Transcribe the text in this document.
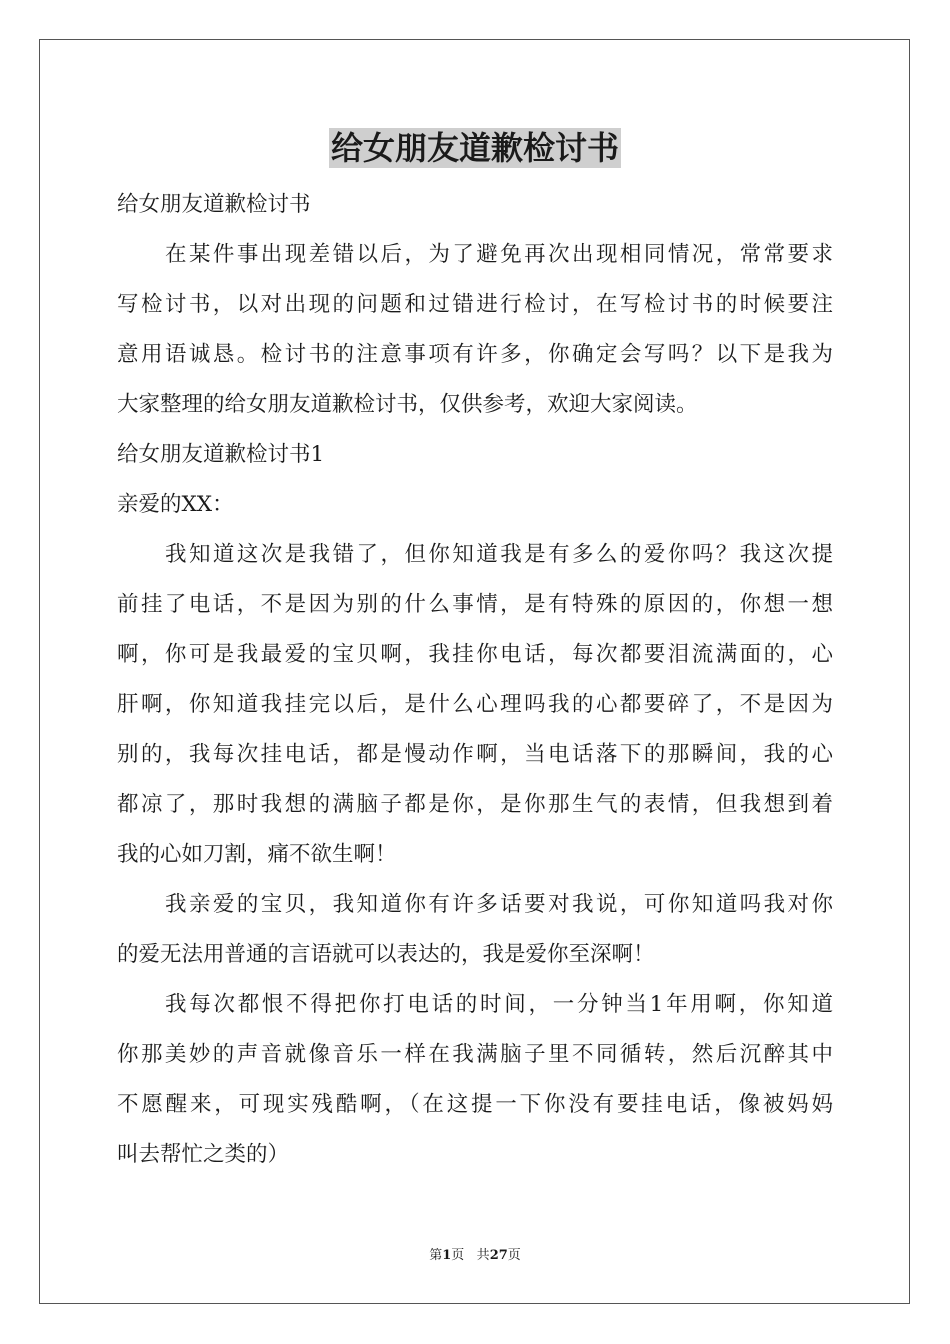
给女朋友道歉检讨书

给女朋友道歉检讨书

在某件事出现差错以后，为了避免再次出现相同情况，常常要求

写检讨书，以对出现的问题和过错进行检讨，在写检讨书的时候要注

意用语诚恳。检讨书的注意事项有许多，你确定会写吗？以下是我为

大家整理的给女朋友道歉检讨书，仅供参考，欢迎大家阅读。

给女朋友道歉检讨书1

亲爱的XX：

我知道这次是我错了，但你知道我是有多么的爱你吗？我这次提

前挂了电话，不是因为别的什么事情，是有特殊的原因的，你想一想

啊，你可是我最爱的宝贝啊，我挂你电话，每次都要泪流满面的，心

肝啊，你知道我挂完以后，是什么心理吗我的心都要碎了，不是因为

别的，我每次挂电话，都是慢动作啊，当电话落下的那瞬间，我的心

都凉了，那时我想的满脑子都是你，是你那生气的表情，但我想到着

我的心如刀割，痛不欲生啊！

我亲爱的宝贝，我知道你有许多话要对我说，可你知道吗我对你

的爱无法用普通的言语就可以表达的，我是爱你至深啊！

我每次都恨不得把你打电话的时间，一分钟当1年用啊，你知道

你那美妙的声音就像音乐一样在我满脑子里不同循转，然后沉醉其中

不愿醒来，可现实残酷啊，（在这提一下你没有要挂电话，像被妈妈

叫去帮忙之类的）

第1页 共27页
